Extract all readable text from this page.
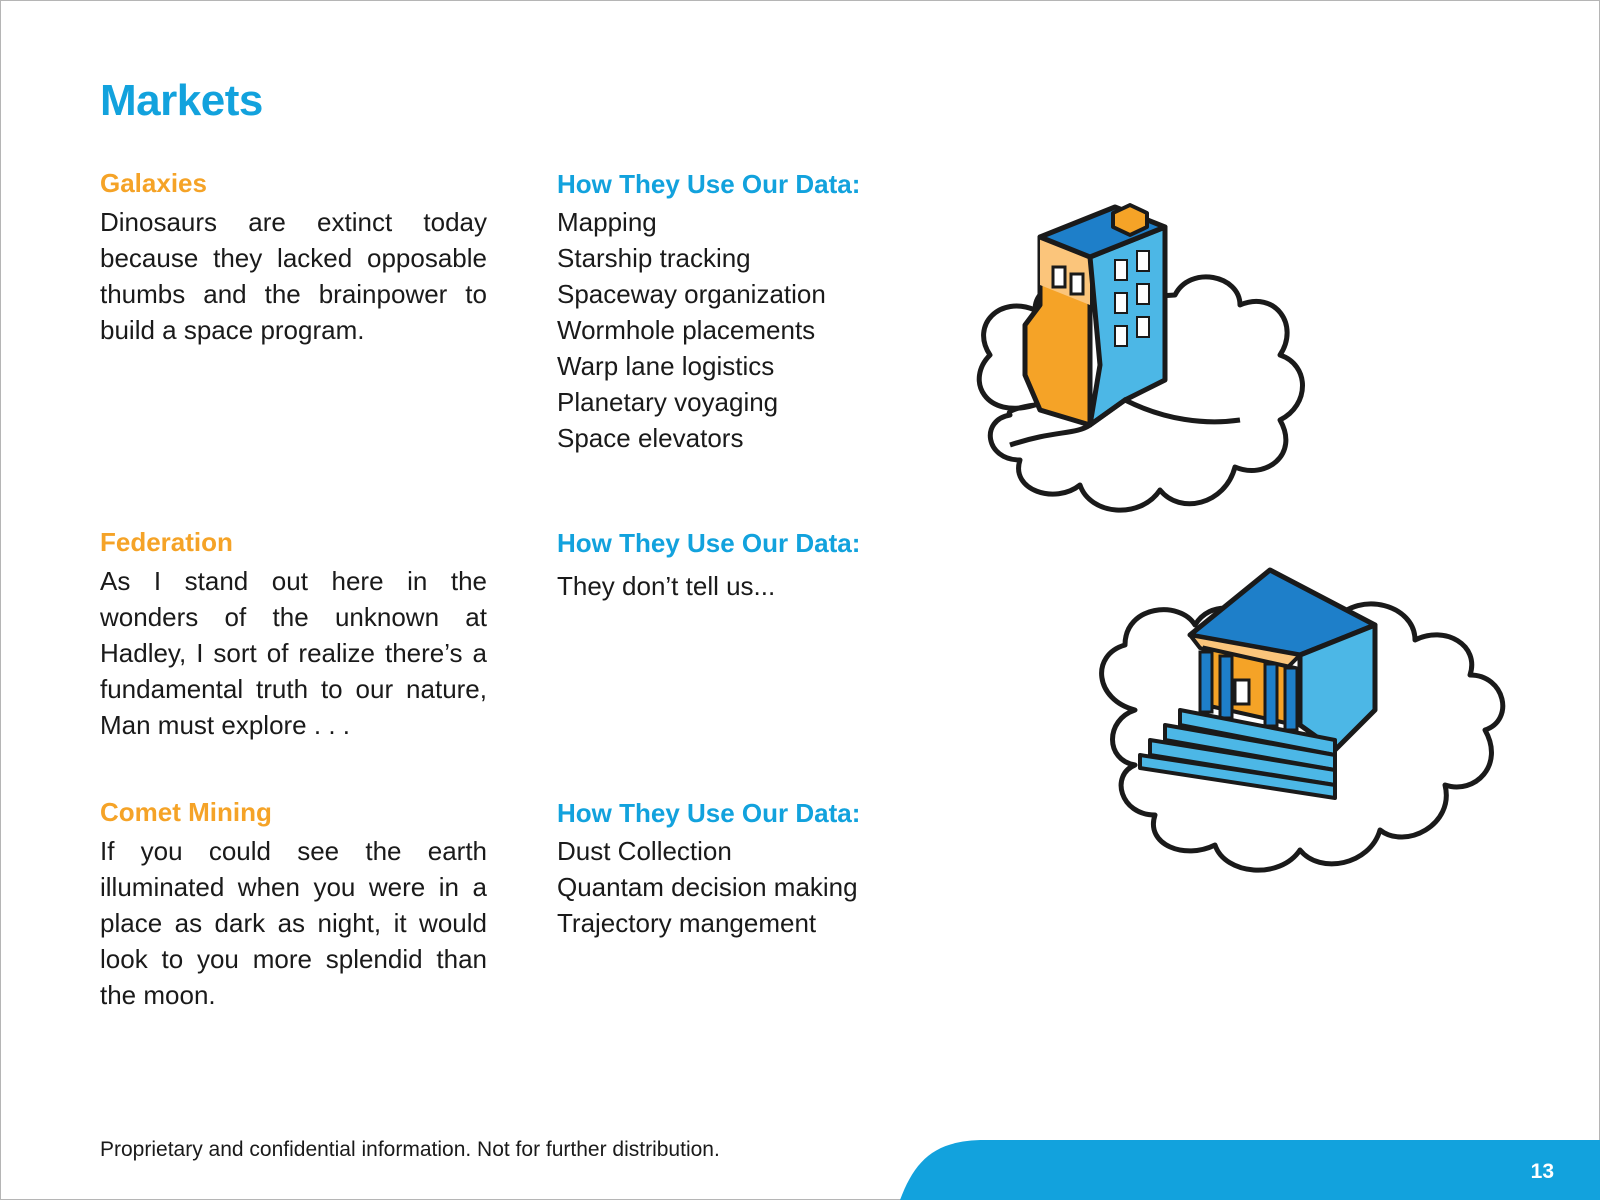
Markets
Galaxies

Dinosaurs are extinct today because they lacked opposable thumbs and the brainpower to build a space program.

How They Use Our Data:
Mapping
Starship tracking
Spaceway organization
Wormhole placements
Warp lane logistics
Planetary voyaging
Space elevators
Federation

As I stand out here in the wonders of the unknown at Hadley, I sort of realize there’s a fundamental truth to our nature, Man must explore . . .

How They Use Our Data:

They don’t tell us...

Comet Mining

If you could see the earth illuminated when you were in a place as dark as night, it would look to you more splendid than the moon.

How They Use Our Data:
Dust Collection
Quantam decision making
Trajectory mangement

Proprietary and confidential information. Not for further distribution.

13
